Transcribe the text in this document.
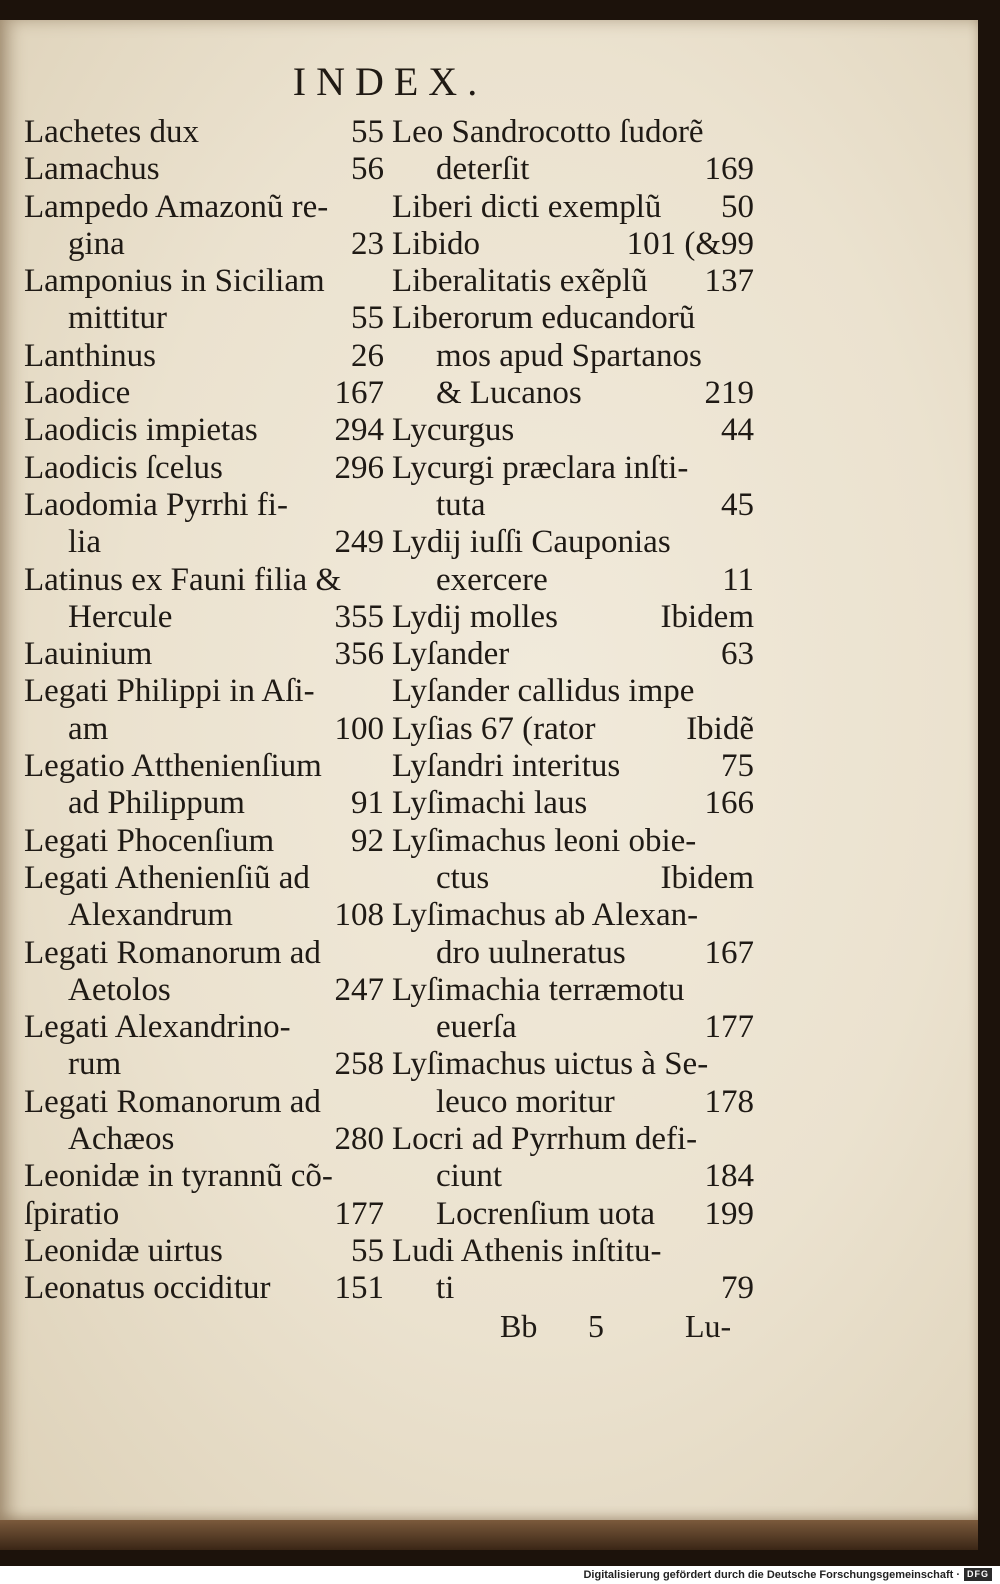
INDEX.
Lachetes dux	55
Lamachus	56
Lampedo Amazonũ re-
gina	23
Lamponius in Siciliam
mittitur	55
Lanthinus	26
Laodice	167
Laodicis impietas 294
Laodicis ſcelus	296
Laodomia Pyrrhi fi-
lia	249
Latinus ex Fauni filia &
Hercule	355
Lauinium	356
Legati Philippi in Aſi-
am	100
Legatio Atthenienſium
ad Philippum	91
Legati Phocenſium 92
Legati Athenienſiũ ad
Alexandrum	108
Legati Romanorum ad
Aetolos	247
Legati Alexandrino-
rum	258
Legati Romanorum ad
Achæos	280
Leonidæ in tyrannũ cõ-
ſpiratio	177
Leonidæ uirtus	55
Leonatus occiditur 151
Leo Sandrocotto ſudorẽ
deterſit	169
Liberi dicti exemplũ 50
Libido	101 (&99
Liberalitatis exẽplũ 137
Liberorum educandorũ
mos apud Spartanos
& Lucanos	219
Lycurgus	44
Lycurgi præclara inſti-
tuta	45
Lydij iuſſi Cauponias
exercere	11
Lydij molles	Ibidem
Lyſander	63
Lyſander callidus impe
Lyſias 67 (rator	Ibidẽ
Lyſandri interitus	75
Lyſimachi laus	166
Lyſimachus leoni obie-
ctus	Ibidem
Lyſimachus ab Alexan-
dro uulneratus 167
Lyſimachia terræmotu
euerſa	177
Lyſimachus uictus à Se-
leuco moritur	178
Locri ad Pyrrhum defi-
ciunt	184
Locrenſium uota 199
Ludi Athenis inſtitu-
ti	79
Bb 5	Lu-
Digitalisierung gefördert durch die Deutsche Forschungsgemeinschaft · DFG
